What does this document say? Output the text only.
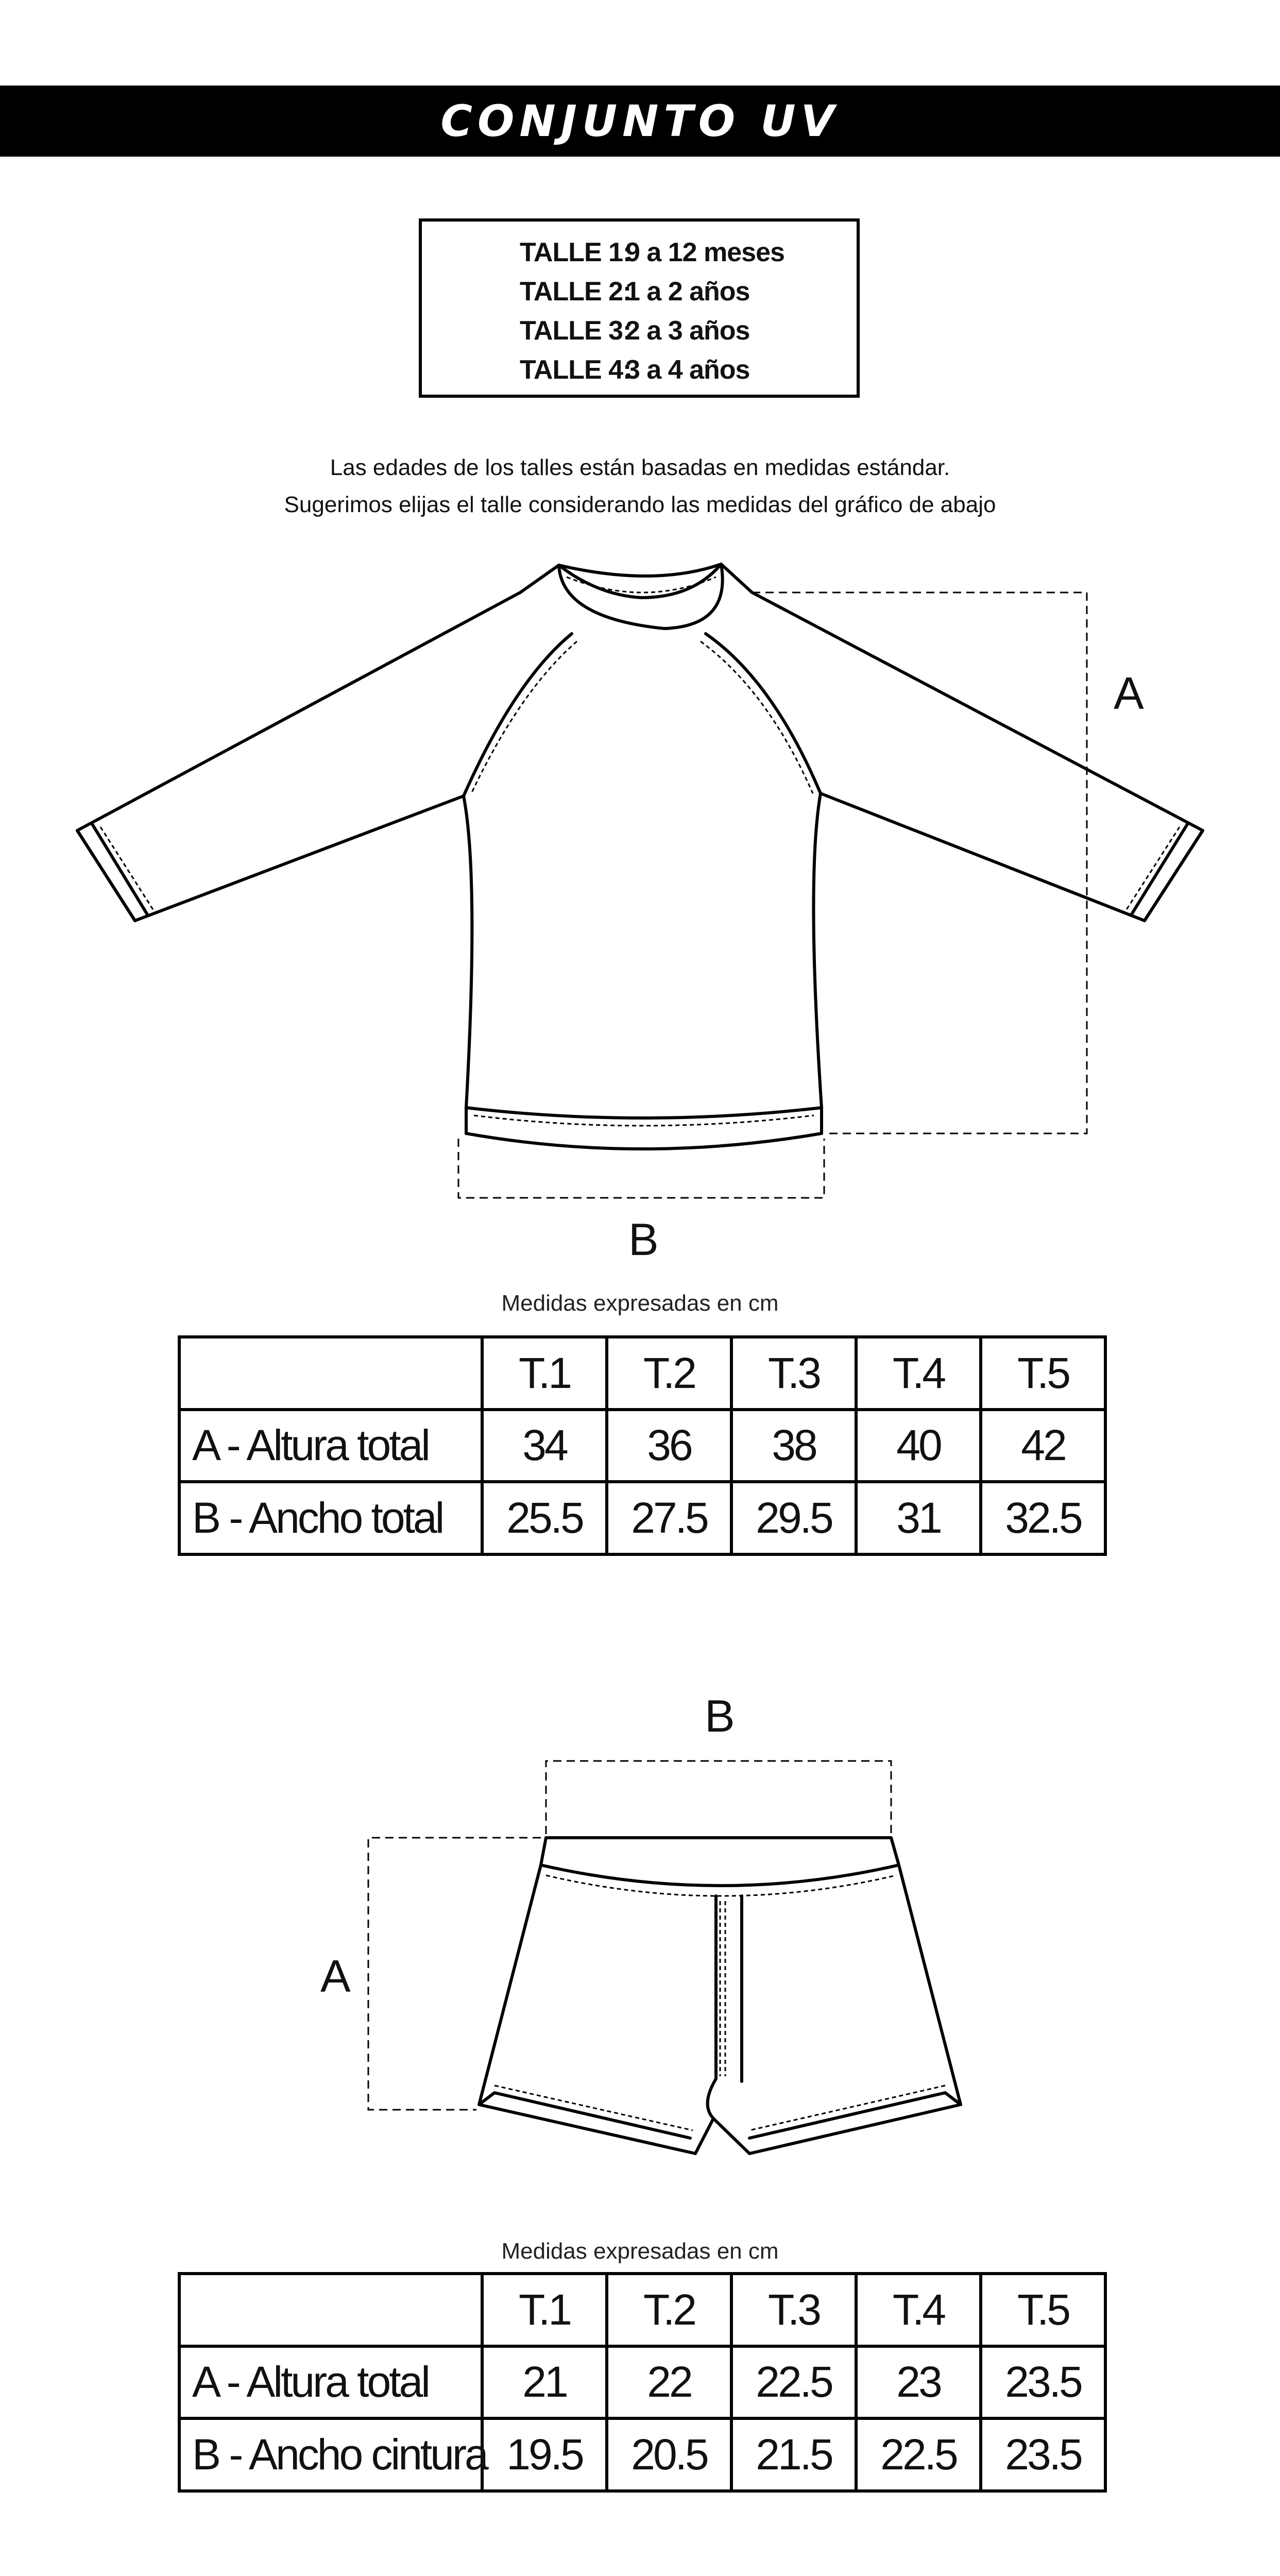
CONJUNTO UV
TALLE 1:9 a 12 meses
TALLE 2:1 a 2 años
TALLE 3:2 a 3 años
TALLE 4:3 a 4 años
Las edades de los talles están basadas en medidas estándar.
Sugerimos elijas el talle considerando las medidas del gráfico de abajo
A
B
Medidas expresadas en cm
	T.1	T.2	T.3	T.4	T.5
A - Altura total	34	36	38	40	42
B - Ancho total	25.5	27.5	29.5	31	32.5
B
A
Medidas expresadas en cm
	T.1	T.2	T.3	T.4	T.5
A - Altura total	21	22	22.5	23	23.5
B - Ancho cintura	19.5	20.5	21.5	22.5	23.5
